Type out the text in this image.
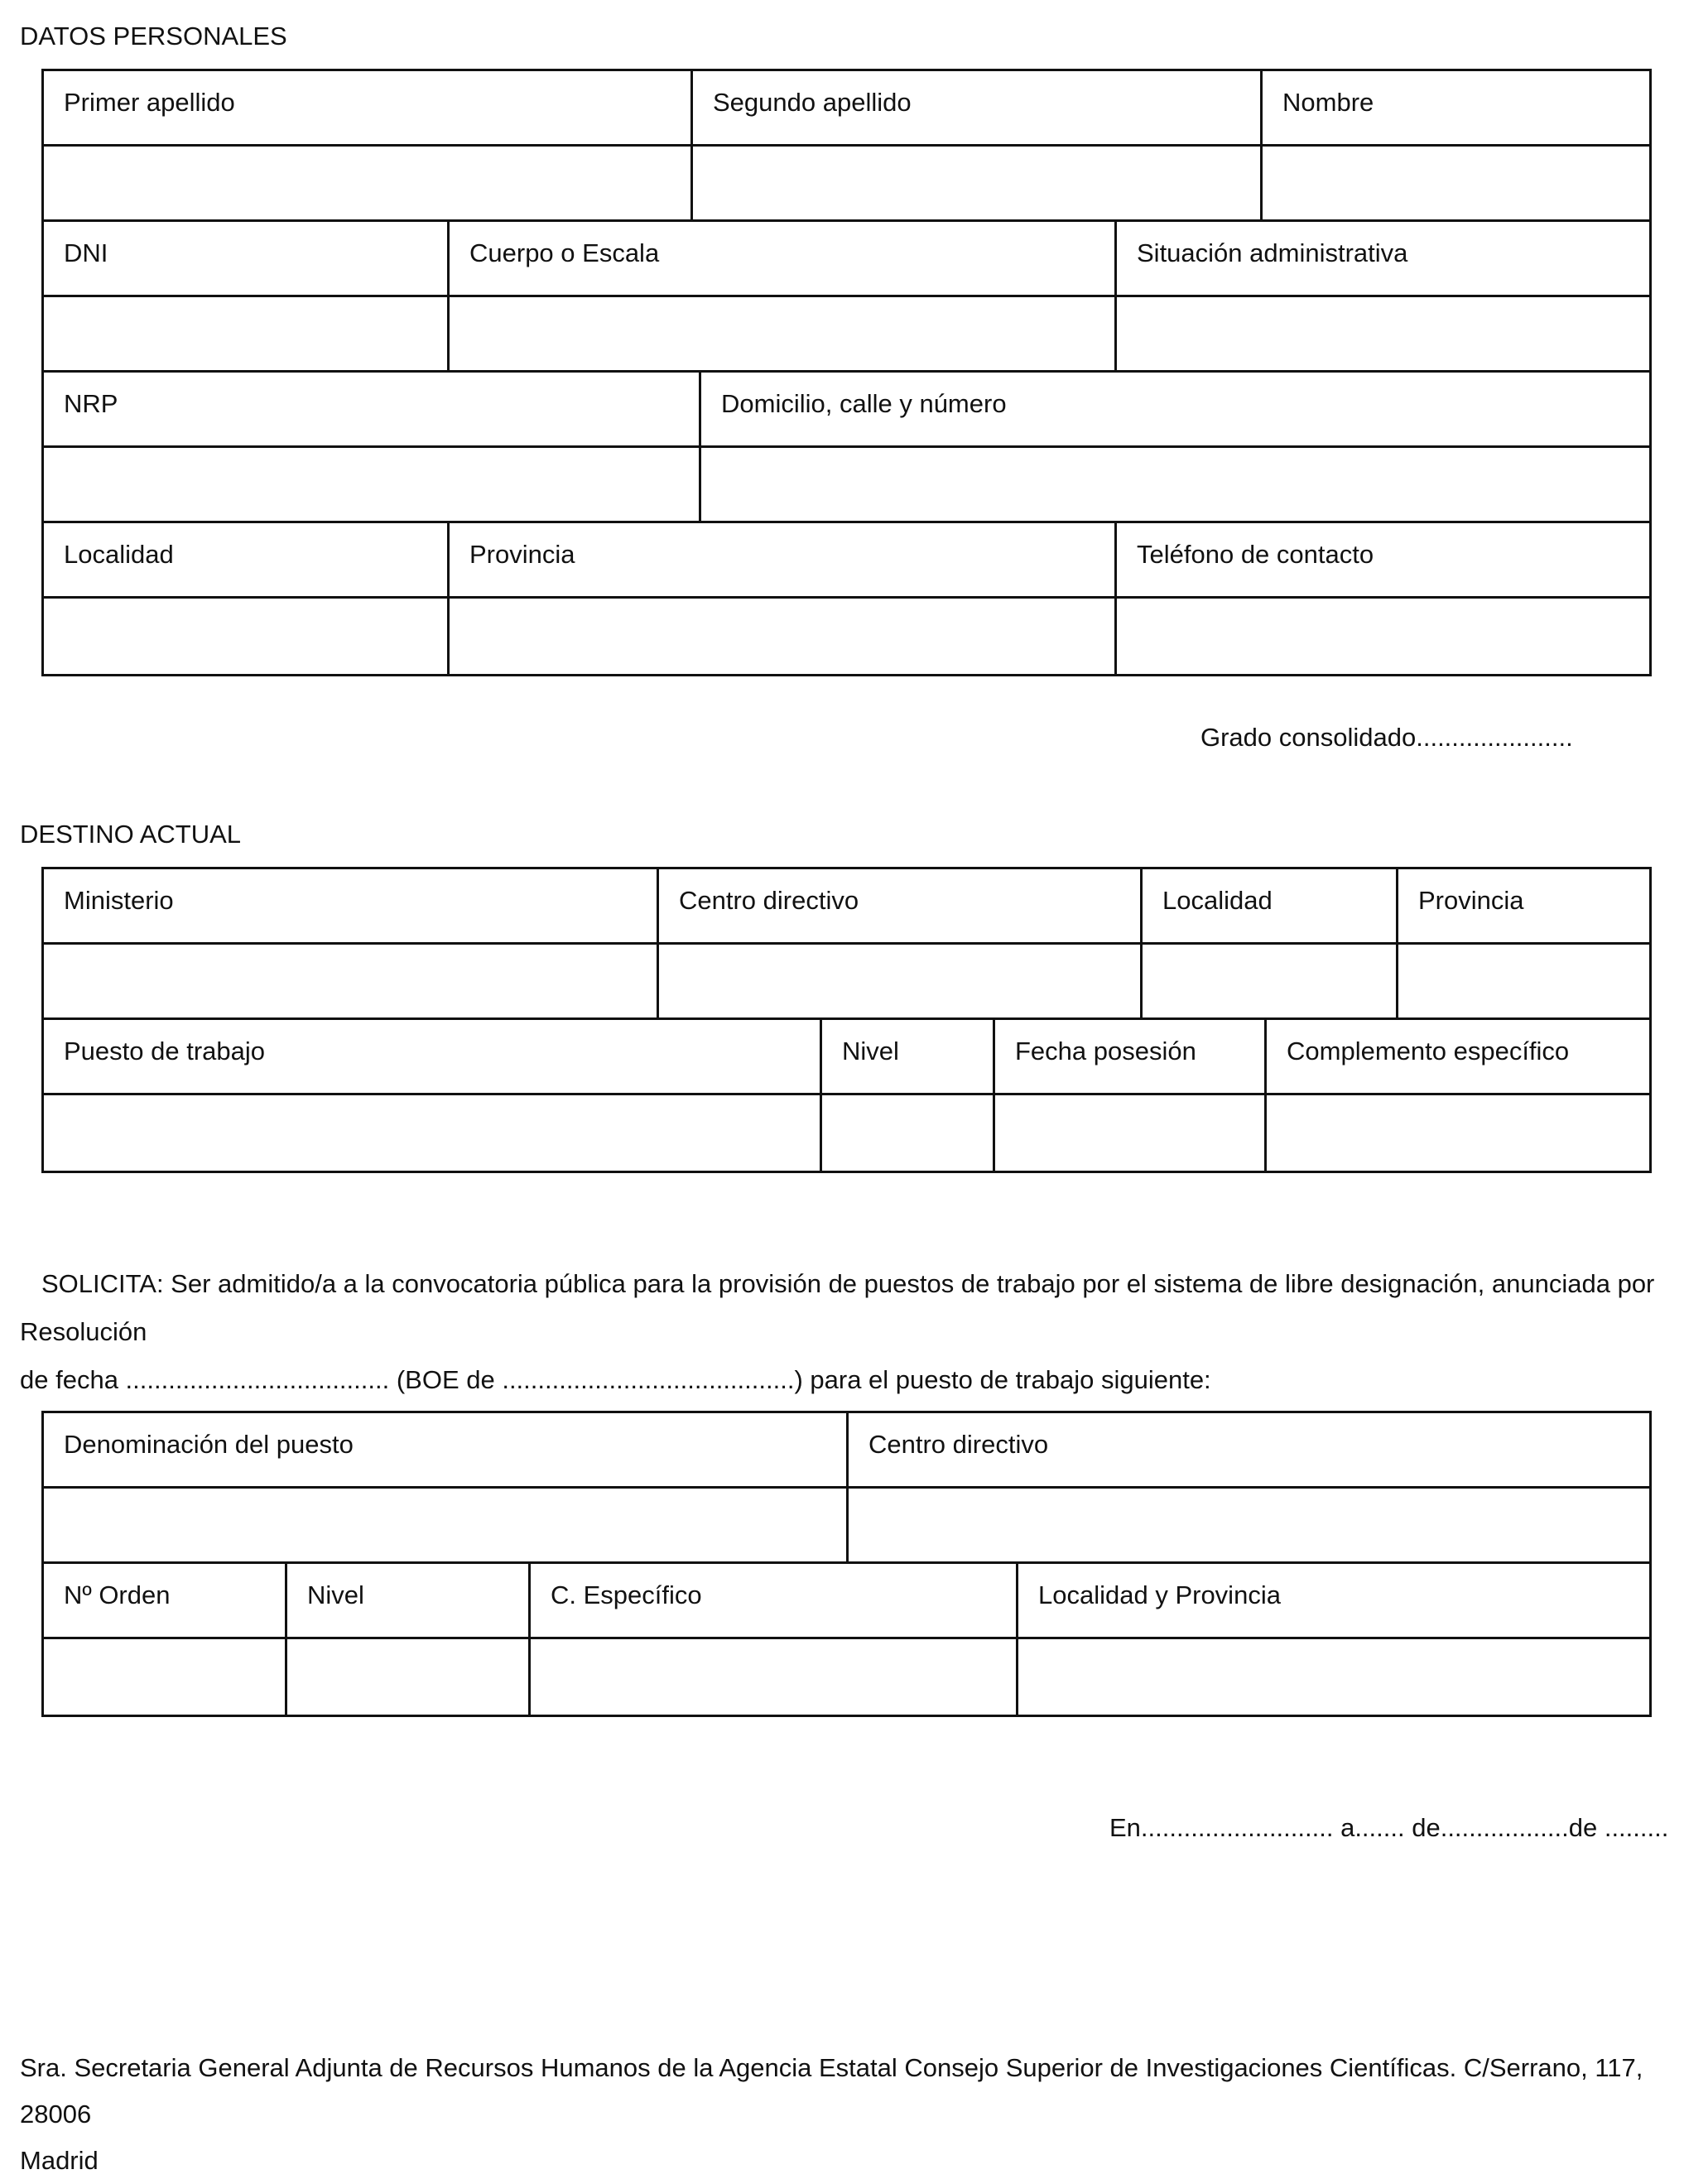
DATOS PERSONALES
Primer apellido	Segundo apellido	Nombre
DNI	Cuerpo o Escala	Situación administrativa
NRP	Domicilio, calle y número
Localidad	Provincia	Teléfono de contacto
Grado consolidado......................
DESTINO ACTUAL
Ministerio	Centro directivo	Localidad	Provincia
Puesto de trabajo	Nivel	Fecha posesión	Complemento específico
SOLICITA: Ser admitido/a a la convocatoria pública para la provisión de puestos de trabajo por el sistema de libre designación, anunciada por Resolución
de fecha ..................................... (BOE de .........................................) para el puesto de trabajo siguiente:
Denominación del puesto	Centro directivo
Nº Orden	Nivel	C. Específico	Localidad y Provincia
En........................... a....... de..................de .........
Sra. Secretaria General Adjunta de Recursos Humanos de la Agencia Estatal Consejo Superior de Investigaciones Científicas. C/Serrano, 117, 28006
Madrid
